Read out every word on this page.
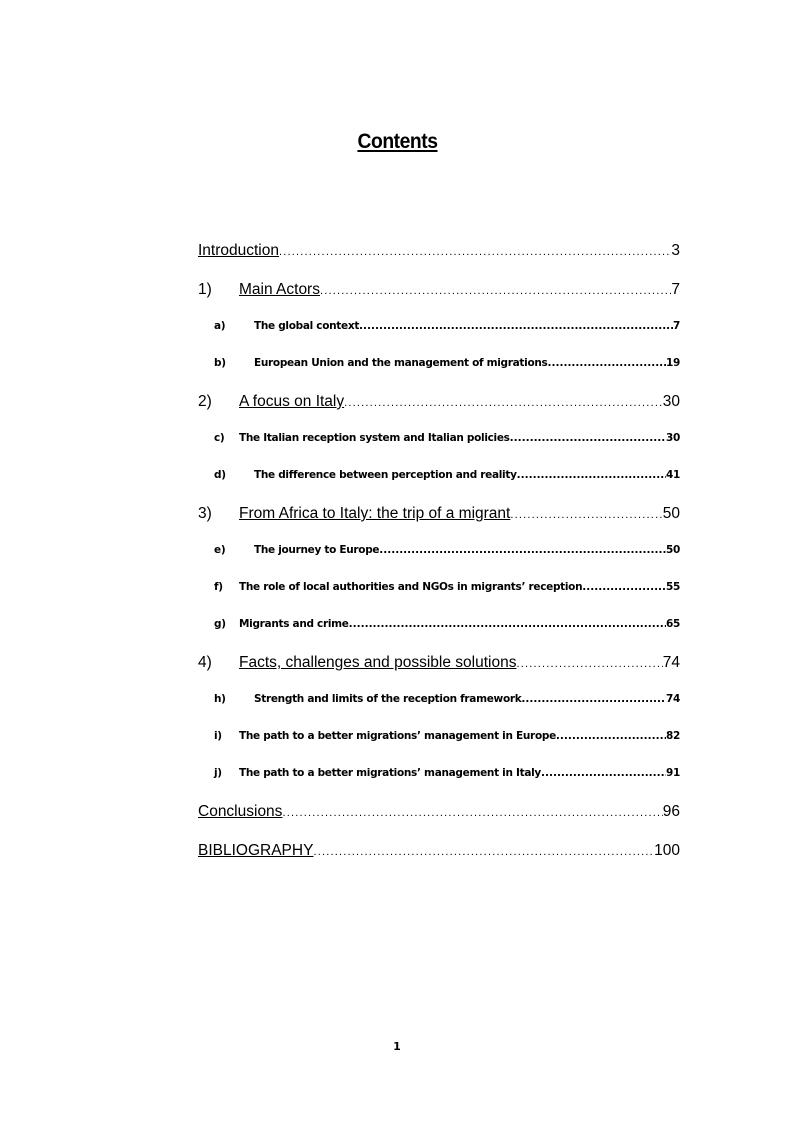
Contents
Introduction .....	3
1)	Main Actors .....	7
a)	The global context .....	7
b)	European Union and the management of migrations .....	19
2)	A focus on Italy .....	30
c)	The Italian reception system and Italian policies .....	30
d)	The difference between perception and reality .....	41
3)	From Africa to Italy: the trip of a migrant .....	50
e)	The journey to Europe .....	50
f)	The role of local authorities and NGOs in migrants’ reception .....	55
g)	Migrants and crime .....	65
4)	Facts, challenges and possible solutions .....	74
h)	Strength and limits of the reception framework .....	74
i)	The path to a better migrations’ management in Europe .....	82
j)	The path to a better migrations’ management in Italy .....	91
Conclusions .....	96
BIBLIOGRAPHY .....	100
1
